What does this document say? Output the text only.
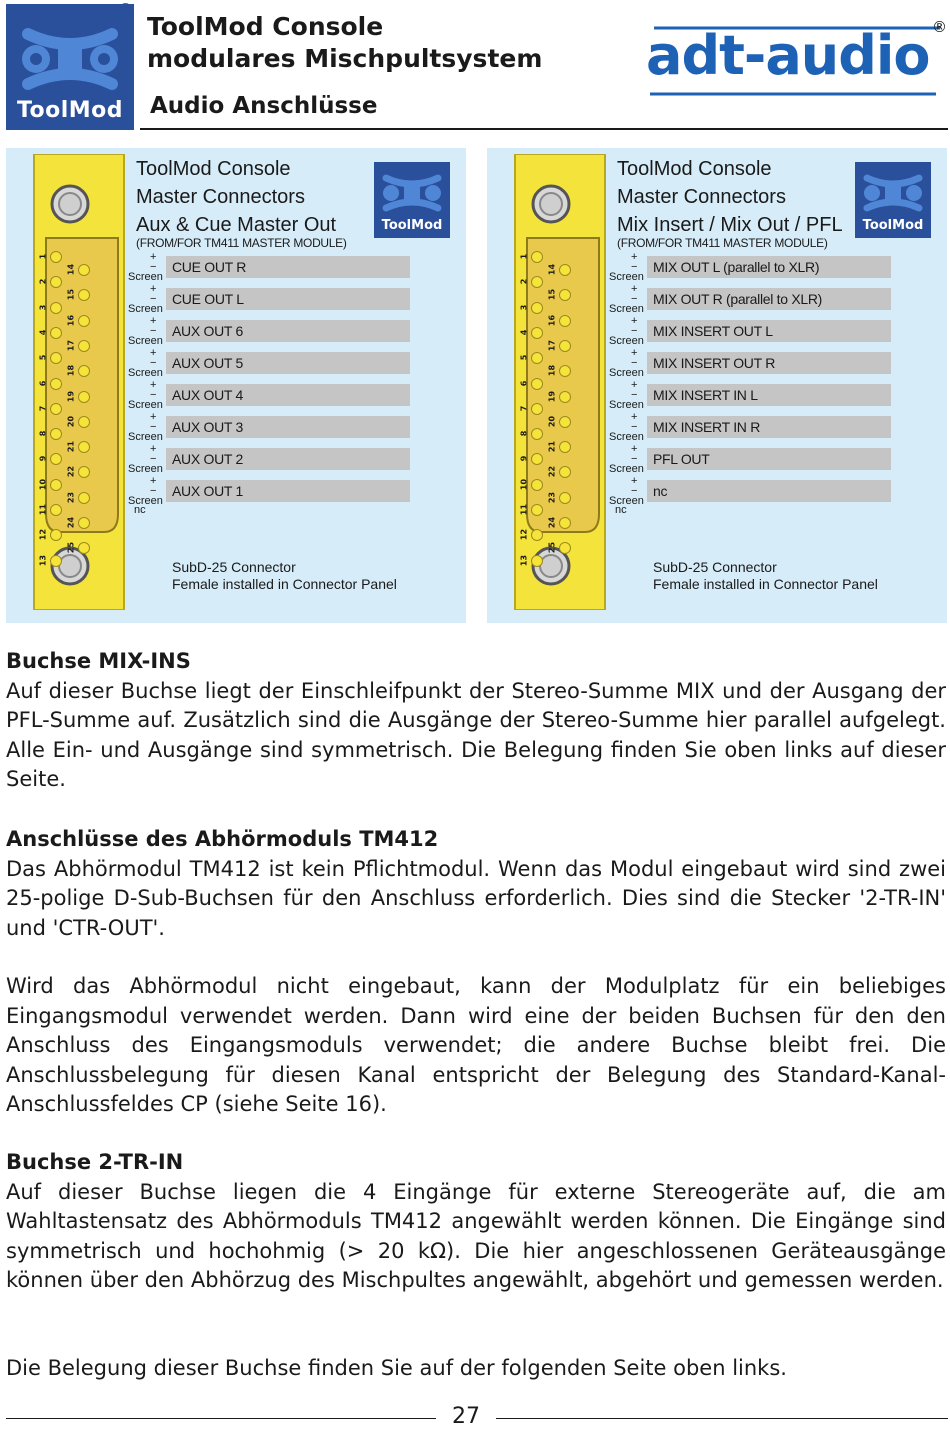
ToolMod
®
ToolMod Console
modulares Mischpultsystem
Audio Anschlüsse
adt-audio ®
ToolMod Console
Master Connectors
Aux & Cue Master Out
(FROM/FOR TM411 MASTER MODULE)
ToolMod
nc
SubD-25 Connector
Female installed in Connector Panel
1
2
3
4
5
6
7
8
9
10
11
12
13
14
15
16
17
18
19
20
21
22
23
24
25
+
−
Screen
CUE OUT R
+
−
Screen
CUE OUT L
+
−
Screen
AUX OUT 6
+
−
Screen
AUX OUT 5
+
−
Screen
AUX OUT 4
+
−
Screen
AUX OUT 3
+
−
Screen
AUX OUT 2
+
−
Screen
AUX OUT 1
ToolMod Console
Master Connectors
Mix Insert / Mix Out / PFL
(FROM/FOR TM411 MASTER MODULE)
ToolMod
nc
SubD-25 Connector
Female installed in Connector Panel
1
2
3
4
5
6
7
8
9
10
11
12
13
14
15
16
17
18
19
20
21
22
23
24
25
+
−
Screen
MIX OUT L (parallel to XLR)
+
−
Screen
MIX OUT R (parallel to XLR)
+
−
Screen
MIX INSERT OUT L
+
−
Screen
MIX INSERT OUT R
+
−
Screen
MIX INSERT IN L
+
−
Screen
MIX INSERT IN R
+
−
Screen
PFL OUT
+
−
Screen
nc
Buchse MIX-INS

Auf dieser Buchse liegt der Einschleifpunkt der Stereo-Summe MIX und der Ausgang der PFL-Summe auf. Zusätzlich sind die Ausgänge der Stereo-Summe hier parallel aufgelegt. Alle Ein- und Ausgänge sind symmetrisch. Die Belegung finden Sie oben links auf dieser Seite.

Anschlüsse des Abhörmoduls TM412

Das Abhörmodul TM412 ist kein Pflichtmodul. Wenn das Modul eingebaut wird sind zwei 25-polige D-Sub-Buchsen für den Anschluss erforderlich. Dies sind die Stecker '2-TR-IN' und 'CTR-OUT'.

Wird das Abhörmodul nicht eingebaut, kann der Modulplatz für ein beliebiges Eingangsmodul verwendet werden. Dann wird eine der beiden Buchsen für den den Anschluss des Eingangsmoduls verwendet; die andere Buchse bleibt frei. Die Anschlussbelegung für diesen Kanal entspricht der Belegung des Standard-Kanal-Anschlussfeldes CP (siehe Seite 16).

Buchse 2-TR-IN

Auf dieser Buchse liegen die 4 Eingänge für externe Stereogeräte auf, die am Wahltastensatz des Abhörmoduls TM412 angewählt werden können. Die Eingänge sind symmetrisch und hochohmig (> 20 kΩ). Die hier angeschlossenen Geräteausgänge können über den Abhörzug des Mischpultes angewählt, abgehört und gemessen werden.

Die Belegung dieser Buchse finden Sie auf der folgenden Seite oben links.

27
